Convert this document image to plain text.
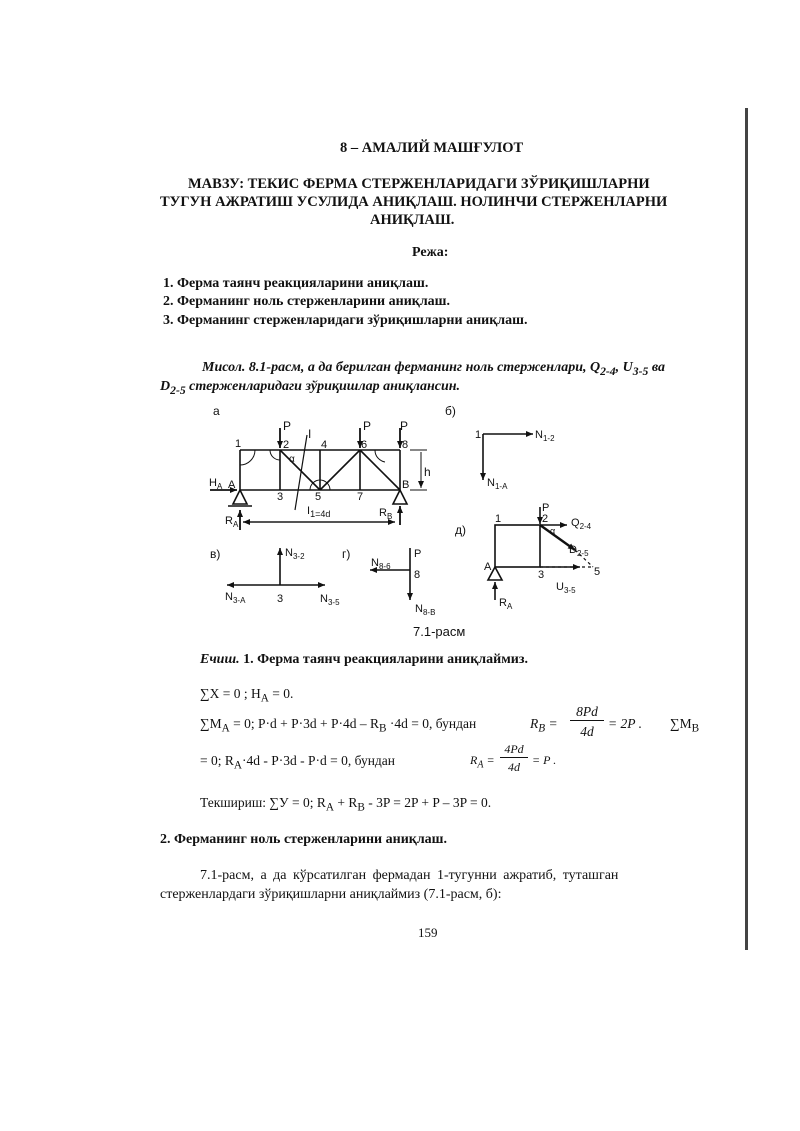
8 – АМАЛИЙ МАШҒУЛОТ
МАВЗУ: ТЕКИС ФЕРМА СТЕРЖЕНЛАРИДАГИ ЗЎРИҚИШЛАРНИ
ТУГУН АЖРАТИШ УСУЛИДА АНИҚЛАШ. НОЛИНЧИ СТЕРЖЕНЛАРНИ
АНИҚЛАШ.
Режа:
1. Ферма таянч реакцияларини аниқлаш.
2. Ферманинг ноль стерженларини аниқлаш.
3. Ферманинг стерженларидаги зўриқишларни аниқлаш.
Мисол. 8.1-расм, а да берилган ферманинг ноль стерженлари, $Q_{2-4}$, $U_{3-5}$ ва
$D_{2-5}$ стерженларидаги зўриқишлар аниқлансин.
а	б)
P	P P
I
h
1	2	4	6	8
3	5	7
α
$H_A$ A	B
$R_A$
$R_B$
$I_{1=4d}$
1	$N_{1-2}$
$N_{1-A}$
д)
1
P
2
α
$Q_{2-4}$
$D_{2-5}$
5
3
$U_{3-5}$
A
$R_A$
в)	$N_{3-2}$
$N_{3-A}$	3	$N_{3-5}$
г)	P
$N_{8-6}$
8
$N_{8-B}$
7.1-расм
Ечиш. 1. Ферма таянч реакцияларини аниқлаймиз.
∑X = 0 ; $H_A = 0$.
$\sum M_A = 0$; $P\cdot d + P\cdot 3d + P\cdot 4d - R_B \cdot 4d = 0$, бундан	$R_B$ =
8Pd
4d
= 2P . $\sum M_B$
= 0; $R_A\cdot 4d - P\cdot 3d - P\cdot d = 0$, бундан	$R_A$ =
4Pd
4d	= P .
Текшириш: ∑У = 0; $R_A + R_B - 3P = 2P + P - 3P = 0$.
2. Ферманинг ноль стерженларини аниқлаш.
7.1-расм, а да кўрсатилган фермадан 1-тугунни ажратиб, туташган
стерженлардаги зўриқишларни аниқлаймиз (7.1-расм, б):
159
